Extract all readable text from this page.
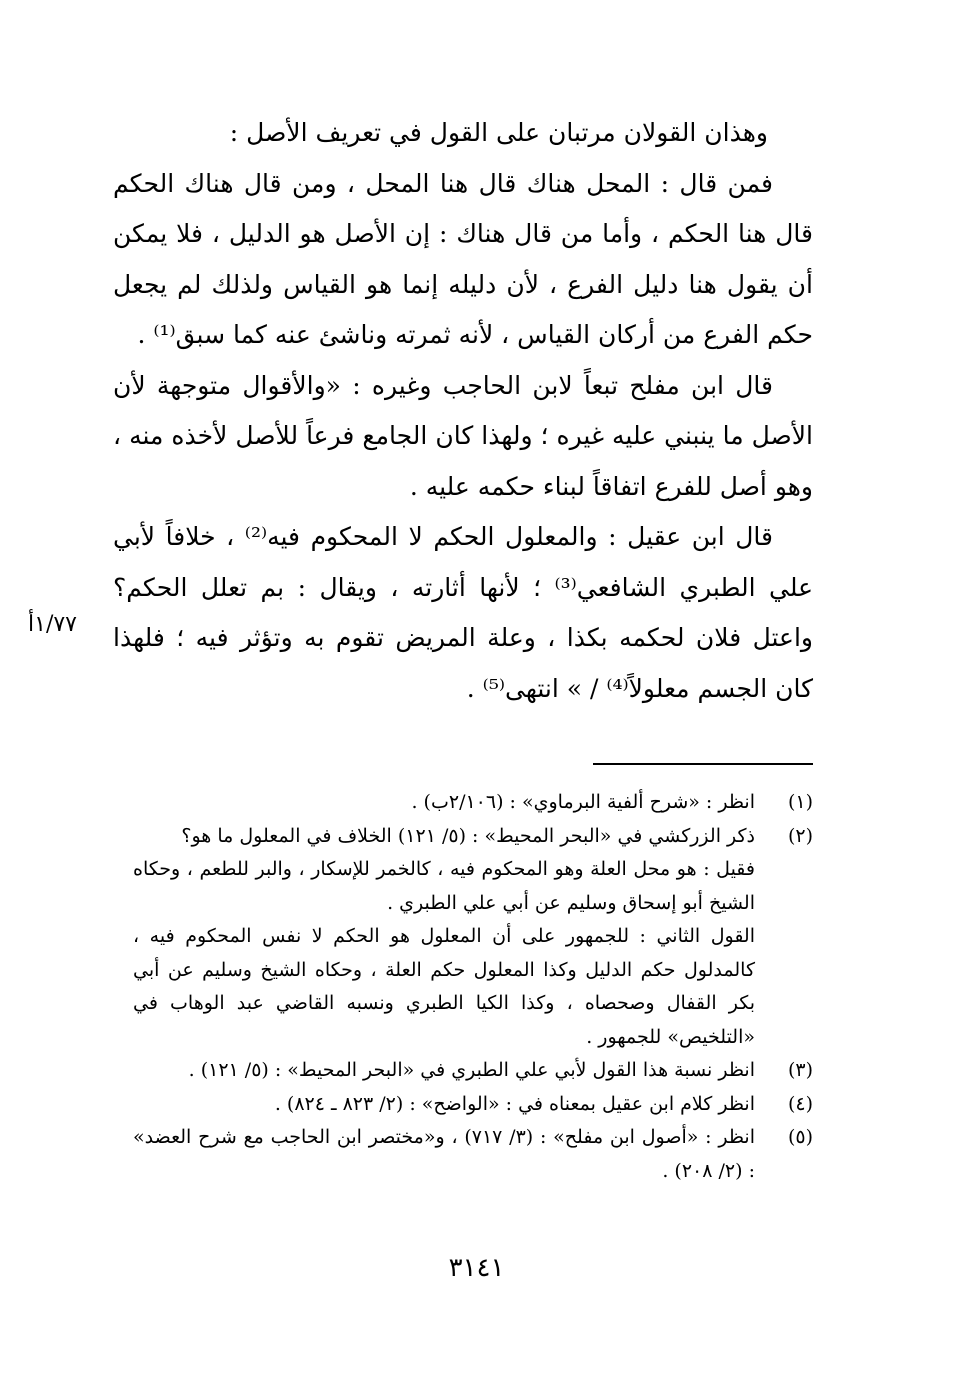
وهذان القولان مرتبان على القول في تعريف الأصل :

فمن قال : المحل هناك قال هنا المحل ، ومن قال هناك الحكم قال هنا الحكم ، وأما من قال هناك : إن الأصل هو الدليل ، فلا يمكن أن يقول هنا دليل الفرع ، لأن دليله إنما هو القياس ولذلك لم يجعل حكم الفرع من أركان القياس ، لأنه ثمرته وناشئ عنه كما سبق⁽¹⁾ .

قال ابن مفلح تبعاً لابن الحاجب وغيره : «والأقوال متوجهة لأن الأصل ما ينبني عليه غيره ؛ ولهذا كان الجامع فرعاً للأصل لأخذه منه ، وهو أصل للفرع اتفاقاً لبناء حكمه عليه .

قال ابن عقيل : والمعلول الحكم لا المحكوم فيه⁽²⁾ ، خلافاً لأبي علي الطبري الشافعي⁽³⁾ ؛ لأنها أثارته ، ويقال : بم تعلل الحكم؟ واعتل فلان لحكمه بكذا ، وعلة المريض تقوم به وتؤثر فيه ؛ فلهذا كان الجسم معلولاً⁽⁴⁾ / » انتهى⁽⁵⁾ .

١/٧٧أ
(١)
انظر : «شرح ألفية البرماوي» : (٢/١٠٦ب) .
(٢)
ذكر الزركشي في «البحر المحيط» : (٥/ ١٢١) الخلاف في المعلول ما هو؟
فقيل : هو محل العلة وهو المحكوم فيه ، كالخمر للإسكار ، والبر للطعم ، وحكاه الشيخ أبو إسحاق وسليم عن أبي علي الطبري .
القول الثاني : للجمهور على أن المعلول هو الحكم لا نفس المحكوم فيه ، كالمدلول حكم الدليل وكذا المعلول حكم العلة ، وحكاه الشيخ وسليم عن أبي بكر القفال وصحصاه ، وكذا الكيا الطبري ونسبه القاضي عبد الوهاب في «التلخيص» للجمهور .
(٣)
انظر نسبة هذا القول لأبي علي الطبري في «البحر المحيط» : (٥/ ١٢١) .
(٤)
انظر كلام ابن عقيل بمعناه في : «الواضح» : (٢/ ٨٢٣ ـ ٨٢٤) .
(٥)
انظر : «أصول ابن مفلح» : (٣/ ٧١٧) ، و«مختصر ابن الحاجب مع شرح العضد» : (٢/ ٢٠٨) .
٣١٤١
